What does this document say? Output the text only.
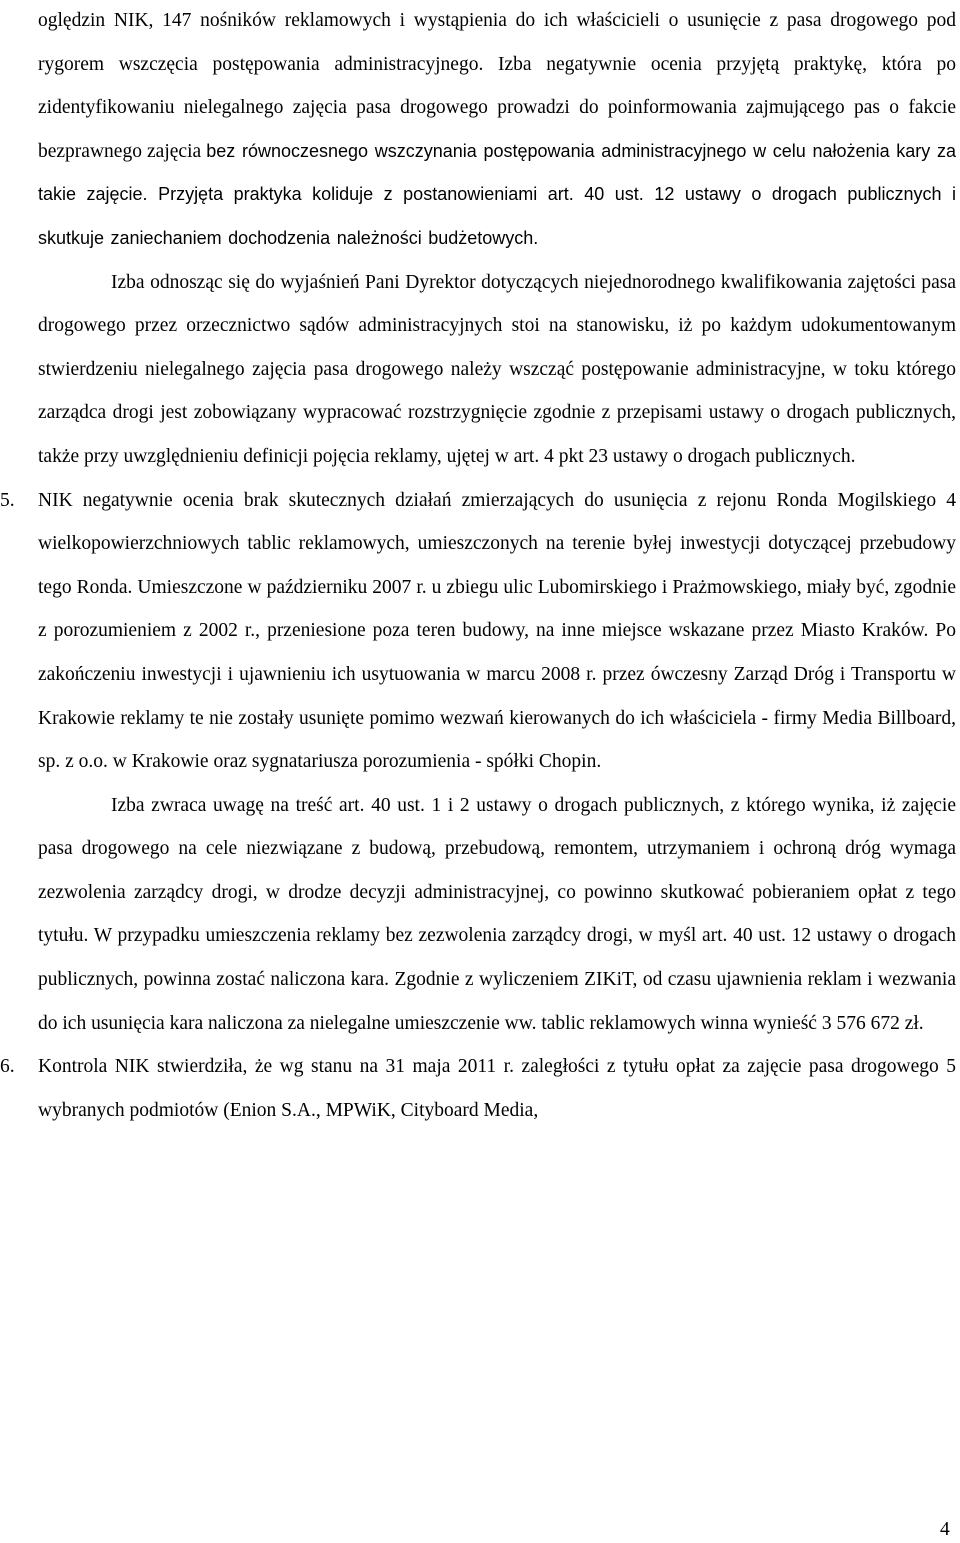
oględzin NIK, 147 nośników reklamowych i wystąpienia do ich właścicieli o usunięcie z pasa drogowego pod rygorem wszczęcia postępowania administracyjnego. Izba negatywnie ocenia przyjętą praktykę, która po zidentyfikowaniu nielegalnego zajęcia pasa drogowego prowadzi do poinformowania zajmującego pas o fakcie bezprawnego zajęcia bez równoczesnego wszczynania postępowania administracyjnego w celu nałożenia kary za takie zajęcie. Przyjęta praktyka koliduje z postanowieniami art. 40 ust. 12 ustawy o drogach publicznych i skutkuje zaniechaniem dochodzenia należności budżetowych.

Izba odnosząc się do wyjaśnień Pani Dyrektor dotyczących niejednorodnego kwalifikowania zajętości pasa drogowego przez orzecznictwo sądów administracyjnych stoi na stanowisku, iż po każdym udokumentowanym stwierdzeniu nielegalnego zajęcia pasa drogowego należy wszcząć postępowanie administracyjne, w toku którego zarządca drogi jest zobowiązany wypracować rozstrzygnięcie zgodnie z przepisami ustawy o drogach publicznych, także przy uwzględnieniu definicji pojęcia reklamy, ujętej w art. 4 pkt 23 ustawy o drogach publicznych.

5.	NIK negatywnie ocenia brak skutecznych działań zmierzających do usunięcia z rejonu Ronda Mogilskiego 4 wielkopowierzchniowych tablic reklamowych, umieszczonych na terenie byłej inwestycji dotyczącej przebudowy tego Ronda. Umieszczone w październiku 2007 r. u zbiegu ulic Lubomirskiego i Prażmowskiego, miały być, zgodnie z porozumieniem z 2002 r., przeniesione poza teren budowy, na inne miejsce wskazane przez Miasto Kraków. Po zakończeniu inwestycji i ujawnieniu ich usytuowania w marcu 2008 r. przez ówczesny Zarząd Dróg i Transportu w Krakowie reklamy te nie zostały usunięte pomimo wezwań kierowanych do ich właściciela - firmy Media Billboard, sp. z o.o. w Krakowie oraz sygnatariusza porozumienia - spółki Chopin.

Izba zwraca uwagę na treść art. 40 ust. 1 i 2 ustawy o drogach publicznych, z którego wynika, iż zajęcie pasa drogowego na cele niezwiązane z budową, przebudową, remontem, utrzymaniem i ochroną dróg wymaga zezwolenia zarządcy drogi, w drodze decyzji administracyjnej, co powinno skutkować pobieraniem opłat z tego tytułu. W przypadku umieszczenia reklamy bez zezwolenia zarządcy drogi, w myśl art. 40 ust. 12 ustawy o drogach publicznych, powinna zostać naliczona kara. Zgodnie z wyliczeniem ZIKiT, od czasu ujawnienia reklam i wezwania do ich usunięcia kara naliczona za nielegalne umieszczenie ww. tablic reklamowych winna wynieść 3 576 672 zł.

6.	Kontrola NIK stwierdziła, że wg stanu na 31 maja 2011 r. zaległości z tytułu opłat za zajęcie pasa drogowego 5 wybranych podmiotów (Enion S.A., MPWiK, Cityboard Media,

4
